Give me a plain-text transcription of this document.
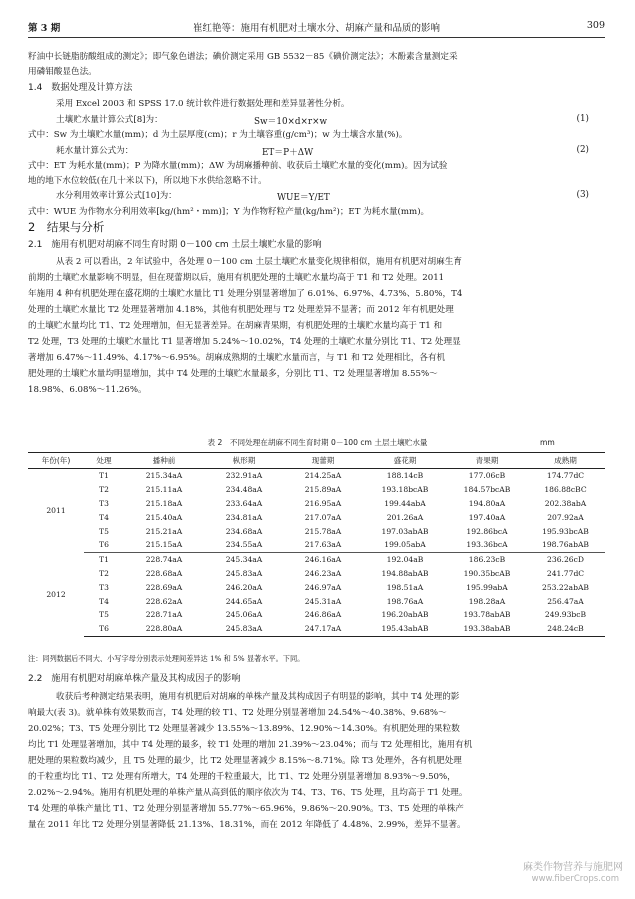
第 3 期	崔红艳等：施用有机肥对土壤水分、胡麻产量和品质的影响	309
籽油中长链脂肪酸组成的测定》；即气象色谱法；碘价测定采用 GB 5532－85《碘价测定法》；木酚素含量测定采
用磷钼酸显色法。
1.4　数据处理及计算方法
采用 Excel 2003 和 SPSS 17.0 统计软件进行数据处理和差异显著性分析。
土壤贮水量计算公式[8]为：	Sw＝10×d×r×w	(1)
式中：Sw 为土壤贮水量(mm)；d 为土层厚度(cm)；r 为土壤容重(g/cm³)；w 为土壤含水量(%)。
耗水量计算公式为：	ET＝P＋ΔW	(2)
式中：ET 为耗水量(mm)；P 为降水量(mm)；ΔW 为胡麻播种前、收获后土壤贮水量的变化(mm)。因为试验
地的地下水位较低(在几十米以下)，所以地下水供给忽略不计。
水分利用效率计算公式[10]为：	WUE＝Y/ET	(3)
式中：WUE 为作物水分利用效率[kg/(hm²・mm)]；Y 为作物籽粒产量(kg/hm²)；ET 为耗水量(mm)。
2　结果与分析
2.1　施用有机肥对胡麻不同生育时期 0－100 cm 土层土壤贮水量的影响
从表 2 可以看出，2 年试验中，各处理 0－100 cm 土层土壤贮水量变化规律相似，施用有机肥对胡麻生育
前期的土壤贮水量影响不明显，但在现蕾期以后，施用有机肥处理的土壤贮水量均高于 T1 和 T2 处理。2011
年施用 4 种有机肥处理在盛花期的土壤贮水量比 T1 处理分别显著增加了 6.01%、6.97%、4.73%、5.80%，T4
处理的土壤贮水量比 T2 处理显著增加 4.18%，其他有机肥处理与 T2 处理差异不显著；而 2012 年有机肥处理
的土壤贮水量均比 T1、T2 处理增加，但无显著差异。在胡麻青果期，有机肥处理的土壤贮水量均高于 T1 和
T2 处理，T3 处理的土壤贮水量比 T1 显著增加 5.24%～10.02%，T4 处理的土壤贮水量分别比 T1、T2 处理显
著增加 6.47%～11.49%、4.17%～6.95%。胡麻成熟期的土壤贮水量而言，与 T1 和 T2 处理相比，各有机
肥处理的土壤贮水量均明显增加，其中 T4 处理的土壤贮水量最多，分别比 T1、T2 处理显著增加 8.55%～
18.98%、6.08%～11.26%。
表 2　不同处理在胡麻不同生育时期 0－100 cm 土层土壤贮水量	mm
年份(年)	处理	播种前	枞形期	现蕾期	盛花期	青果期	成熟期
2011	T1	215.34aA	232.91aA	214.25aA	188.14cB	177.06cB	174.77dC
	T2	215.11aA	234.48aA	215.89aA	193.18bcAB	184.57bcAB	186.88cBC
	T3	215.18aA	233.64aA	216.95aA	199.44abA	194.80aA	202.38abA
	T4	215.40aA	234.81aA	217.07aA	201.26aA	197.40aA	207.92aA
	T5	215.21aA	234.68aA	215.78aA	197.03abAB	192.86bcA	195.93bcAB
	T6	215.15aA	234.55aA	217.63aA	199.05abA	193.36bcA	198.76abAB
2012	T1	228.74aA	245.34aA	246.16aA	192.04aB	186.23cB	236.26cD
	T2	228.68aA	245.83aA	246.23aA	194.88abAB	190.35bcAB	241.77dC
	T3	228.69aA	246.20aA	246.97aA	198.51aA	195.99abA	253.22abAB
	T4	228.62aA	244.65aA	245.31aA	198.76aA	198.28aA	256.47aA
	T5	228.71aA	245.06aA	246.86aA	196.20abAB	193.78abAB	249.93bcB
	T6	228.80aA	245.83aA	247.17aA	195.43abAB	193.38abAB	248.24cB
注：同列数据后不同大、小写字母分别表示处理间差异达 1% 和 5% 显著水平。下同。
2.2　施用有机肥对胡麻单株产量及其构成因子的影响
收获后考种测定结果表明，施用有机肥后对胡麻的单株产量及其构成因子有明显的影响，其中 T4 处理的影
响最大(表 3)。就单株有效果数而言，T4 处理的较 T1、T2 处理分别显著增加 24.54%～40.38%、9.68%～
20.02%；T3、T5 处理分别比 T2 处理显著减少 13.55%～13.89%、12.90%～14.30%。有机肥处理的果粒数
均比 T1 处理显著增加，其中 T4 处理的最多，较 T1 处理的增加 21.39%～23.04%；而与 T2 处理相比，施用有机
肥处理的果粒数均减少，且 T5 处理的最少，比 T2 处理显著减少 8.15%～8.71%。除 T3 处理外，各有机肥处理
的千粒重均比 T1、T2 处理有所增大，T4 处理的千粒重最大，比 T1、T2 处理分别显著增加 8.93%～9.50%，
2.02%～2.94%。施用有机肥处理的单株产量从高到低的顺序依次为 T4、T3、T6、T5 处理，且均高于 T1 处理。
T4 处理的单株产量比 T1、T2 处理分别显著增加 55.77%～65.96%，9.86%～20.90%。T3、T5 处理的单株产
量在 2011 年比 T2 处理分别显著降低 21.13%、18.31%，而在 2012 年降低了 4.48%、2.99%，差异不显著。
麻类作物营养与施肥网
www.fiberCrops.com
